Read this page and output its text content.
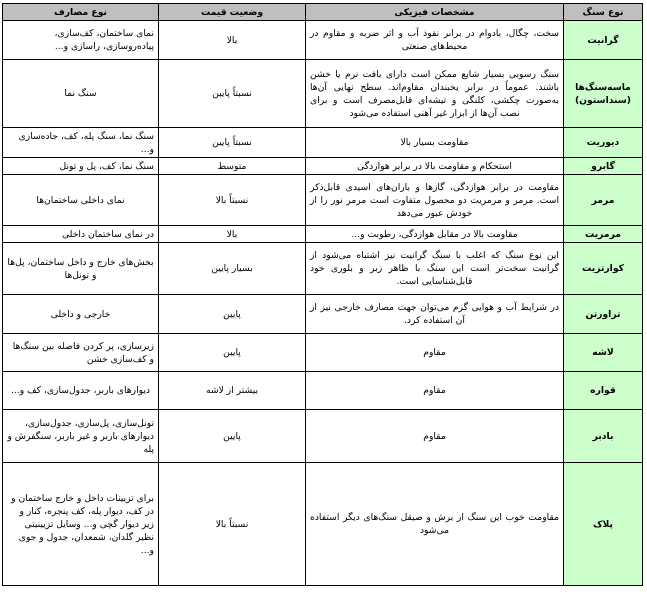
نوع سنگ	مشخصات فیزیکی	وضعیت قیمت	نوع مصارف
گرانیت	سخت، چگال، بادوام در برابر نفوذ آب و اثر ضربه و مقاوم در محیط‌های صنعتی	بالا	نمای ساختمان، کف‌سازی، پیاده‌روسازی، راسازی و...
ماسه‌سنگ‌ها (سنداستون)	سنگ رسوبی بسیار شایع ممکن است دارای بافت نرم یا خشن باشند. عموماً در برابر یخبندان مقاوم‌اند. سطح نهایی آن‌ها به‌صورت چکشی، کلنگی و تیشه‌ای قابل‌مصرف است و برای نصب آن‌ها از ابزار غیر آهنی استفاده می‌شود	نسبتاً پایین	سنگ نما
دیوریت	مقاومت بسیار بالا	نسبتاً پایین	سنگ نما، سنگ پله، کف، جاده‌سازی و...
گابرو	استحکام و مقاومت بالا در برابر هوازدگی	متوسط	سنگ نما، کف، پل و تونل
مرمر	مقاومت در برابر هوازدگی، گازها و باران‌های اسیدی قابل‌ذکر است. مرمر و مرمریت دو محصول متفاوت است مرمر نور را از خودش عبور می‌دهد	نسبتاً بالا	نمای داخلی ساختمان‌ها
مرمریت	مقاومت بالا در مقابل هوازدگی، رطوبت و...	بالا	در نمای ساختمان داخلی
کوارتزیت	این نوع سنگ که اغلب با سنگ گرانیت نیز اشتباه می‌شود از گرانیت سخت‌تر است این سنگ با ظاهر زبر و بلوری خود قابل‌شناسایی است.	بسیار پایین	بخش‌های خارج و داخل ساختمان، پل‌ها و تونل‌ها
تراورتن	در شرایط آب و هوایی گرم می‌توان جهت مصارف خارجی نیز از آن استفاده کرد.	پایین	خارجی و داخلی
لاشه	مقاوم	پایین	زیرسازی، پر کردن فاصله بین سنگ‌ها و کف‌سازی خشن
قواره	مقاوم	بیشتر از لاشه	دیوارهای باربر، جدول‌سازی، کف و...
بادبر	مقاوم	پایین	تونل‌سازی، پل‌سازی، جدول‌سازی، دیوارهای باربر و غیر باربر، سنگفرش و پله
پلاک	مقاومت خوب این سنگ از برش و صیقل سنگ‌های دیگر استفاده می‌شود	نسبتاً بالا	برای تزیینات داخل و خارج ساختمان و در کف، دیوار پله، کف پنجره، کنار و زیر دیوار گچی و... وسایل تزیینیتی نظیر گلدان، شمعدان، جدول و جوی و...
